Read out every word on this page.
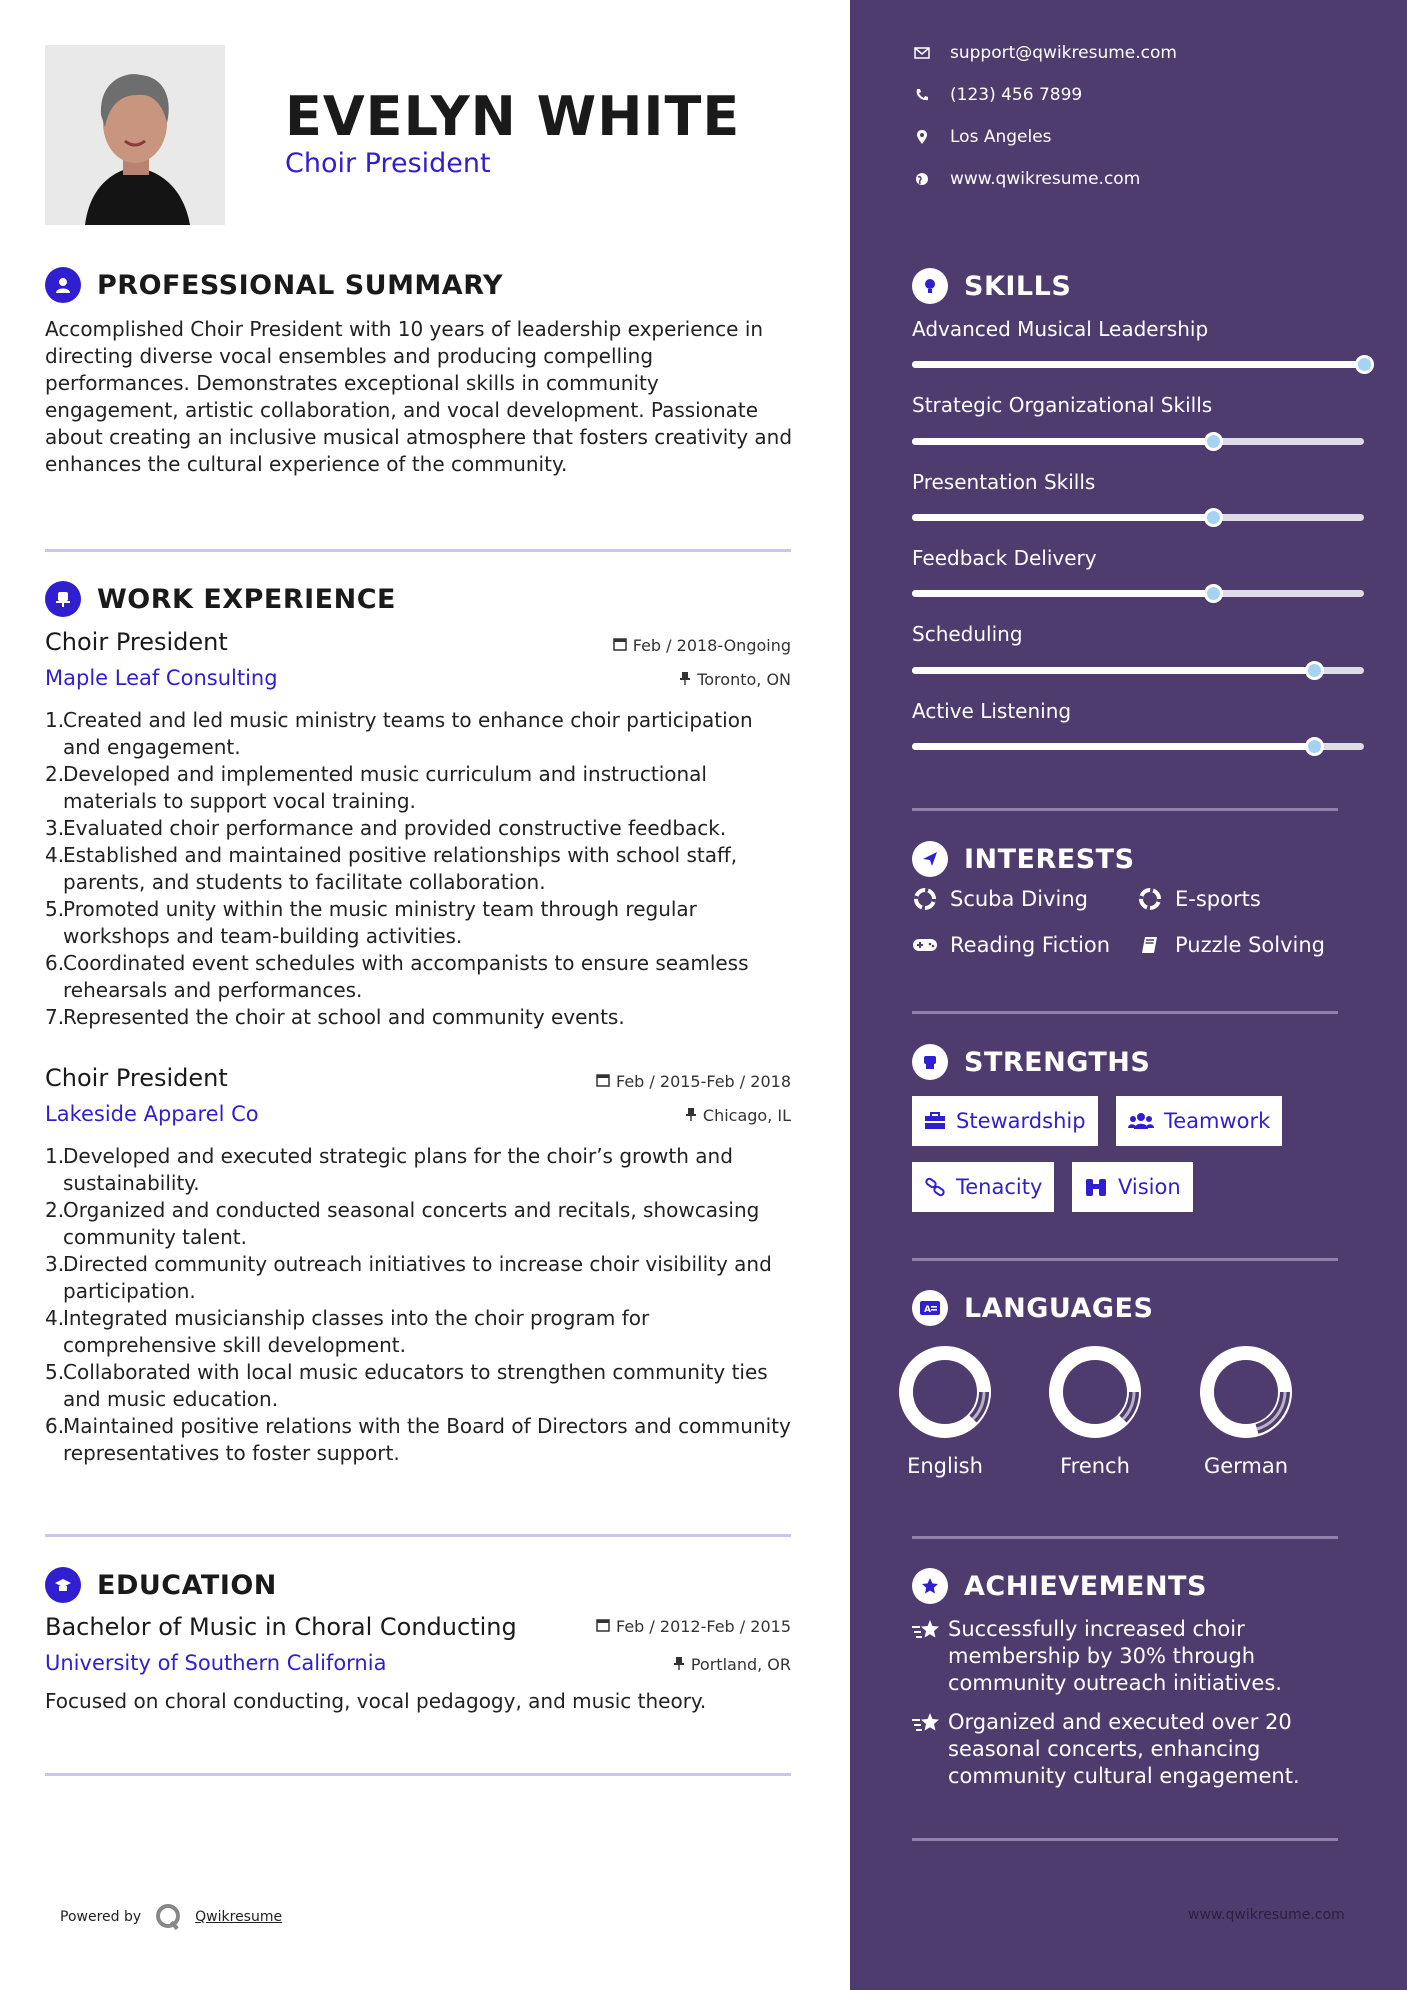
EVELYN WHITE
Choir President
PROFESSIONAL SUMMARY
Accomplished Choir President with 10 years of leadership experience in directing diverse vocal ensembles and producing compelling performances. Demonstrates exceptional skills in community engagement, artistic collaboration, and vocal development. Passionate about creating an inclusive musical atmosphere that fosters creativity and enhances the cultural experience of the community.
WORK EXPERIENCE
Choir President	Feb / 2018-Ongoing
Maple Leaf Consulting	Toronto, ON
1.
Created and led music ministry teams to enhance choir participation and engagement.
2.
Developed and implemented music curriculum and instructional materials to support vocal training.
3.
Evaluated choir performance and provided constructive feedback.
4.
Established and maintained positive relationships with school staff, parents, and students to facilitate collaboration.
5.
Promoted unity within the music ministry team through regular workshops and team-building activities.
6.
Coordinated event schedules with accompanists to ensure seamless rehearsals and performances.
7.
Represented the choir at school and community events.
Choir President	Feb / 2015-Feb / 2018
Lakeside Apparel Co	Chicago, IL
1.
Developed and executed strategic plans for the choir’s growth and sustainability.
2.
Organized and conducted seasonal concerts and recitals, showcasing community talent.
3.
Directed community outreach initiatives to increase choir visibility and participation.
4.
Integrated musicianship classes into the choir program for comprehensive skill development.
5.
Collaborated with local music educators to strengthen community ties and music education.
6.
Maintained positive relations with the Board of Directors and community representatives to foster support.
EDUCATION
Bachelor of Music in Choral Conducting	Feb / 2012-Feb / 2015
University of Southern California	Portland, OR
Focused on choral conducting, vocal pedagogy, and music theory.
Powered by	Qwikresume
support@qwikresume.com
(123) 456 7899
Los Angeles
www.qwikresume.com
SKILLS
Advanced Musical Leadership
Strategic Organizational Skills
Presentation Skills
Feedback Delivery
Scheduling
Active Listening
INTERESTS
Scuba Diving	E-sports
Reading Fiction	Puzzle Solving
STRENGTHS
Stewardship	Teamwork
Tenacity	Vision
A LANGUAGES
English	French	German
ACHIEVEMENTS
Successfully increased choir membership by 30% through community outreach initiatives.
Organized and executed over 20 seasonal concerts, enhancing community cultural engagement.
www.qwikresume.com
